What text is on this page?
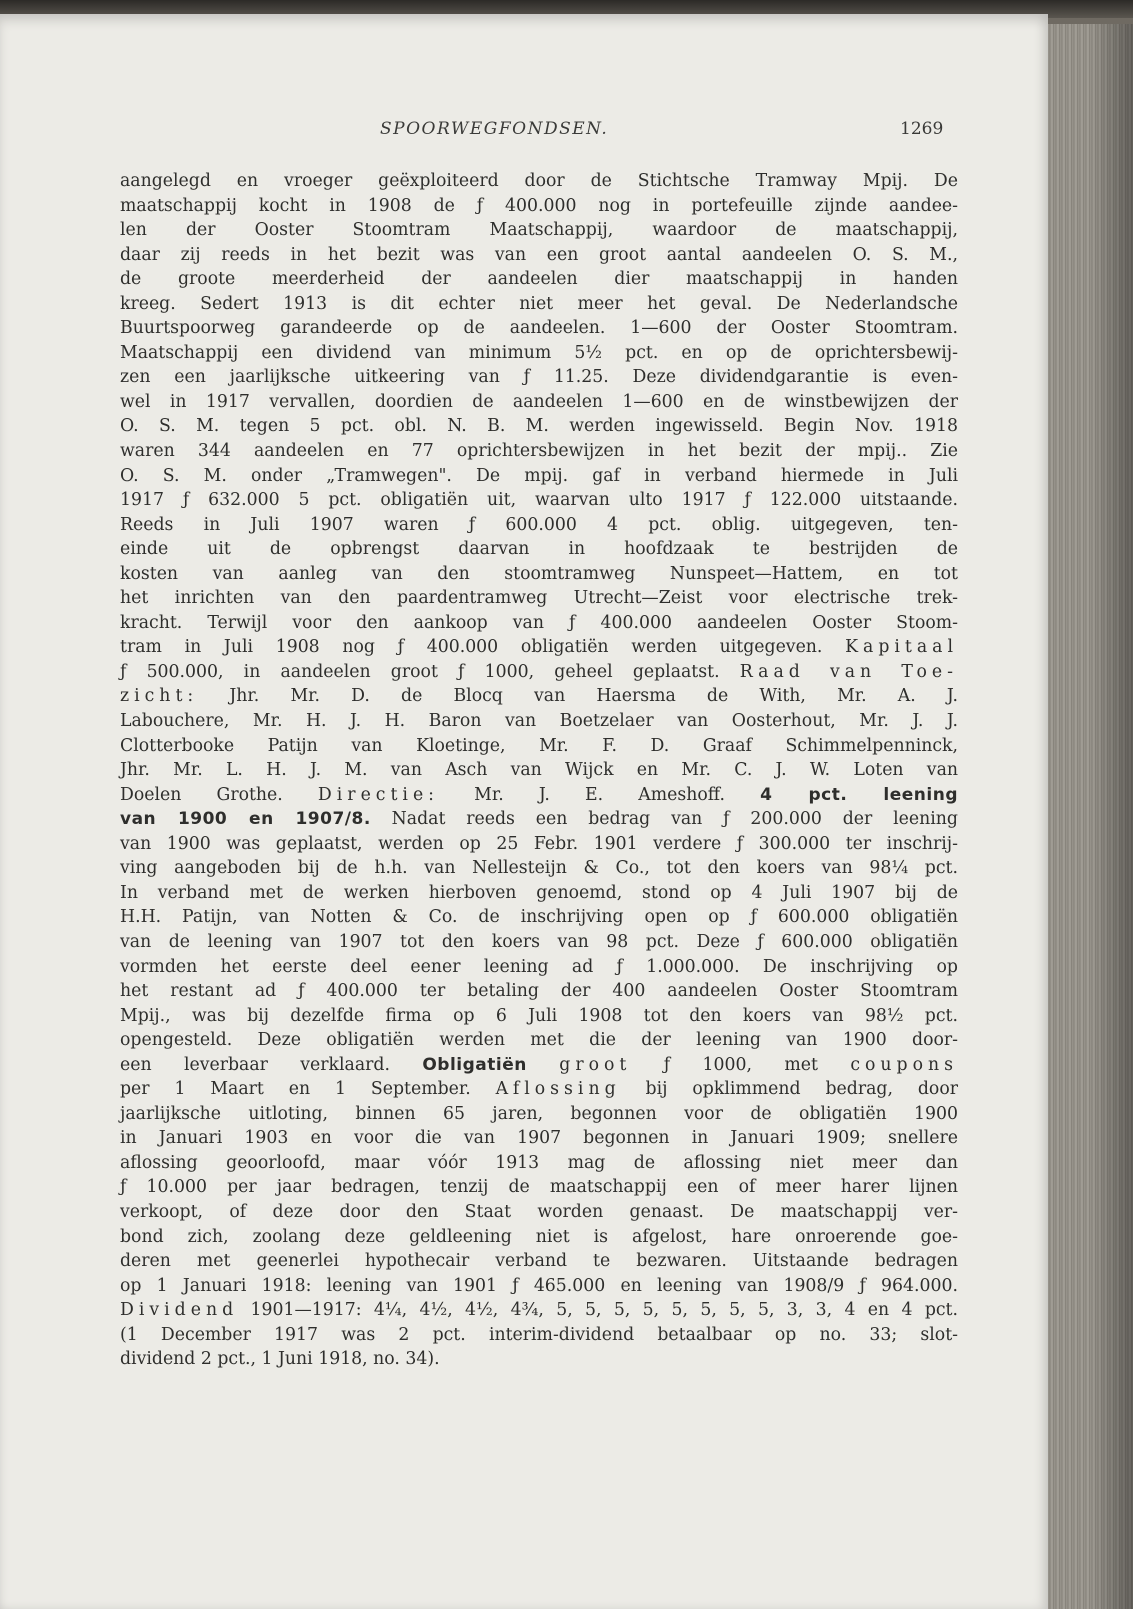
SPOORWEGFONDSEN.	1269
aangelegd en vroeger geëxploiteerd door de Stichtsche Tramway Mpij. De
maatschappij kocht in 1908 de ƒ 400.000 nog in portefeuille zijnde aandee-
len der Ooster Stoomtram Maatschappij, waardoor de maatschappij,
daar zij reeds in het bezit was van een groot aantal aandeelen O. S. M.,
de groote meerderheid der aandeelen dier maatschappij in handen
kreeg. Sedert 1913 is dit echter niet meer het geval. De Nederlandsche
Buurtspoorweg garandeerde op de aandeelen. 1—600 der Ooster Stoomtram.
Maatschappij een dividend van minimum 5½ pct. en op de oprichtersbewij-
zen een jaarlijksche uitkeering van ƒ 11.25. Deze dividendgarantie is even-
wel in 1917 vervallen, doordien de aandeelen 1—600 en de winstbewijzen der
O. S. M. tegen 5 pct. obl. N. B. M. werden ingewisseld. Begin Nov. 1918
waren 344 aandeelen en 77 oprichtersbewijzen in het bezit der mpij.. Zie
O. S. M. onder „Tramwegen". De mpij. gaf in verband hiermede in Juli
1917 ƒ 632.000 5 pct. obligatiën uit, waarvan ulto 1917 ƒ 122.000 uitstaande.
Reeds in Juli 1907 waren ƒ 600.000 4 pct. oblig. uitgegeven, ten-
einde uit de opbrengst daarvan in hoofdzaak te bestrijden de
kosten van aanleg van den stoomtramweg Nunspeet—Hattem, en tot
het inrichten van den paardentramweg Utrecht—Zeist voor electrische trek-
kracht. Terwijl voor den aankoop van ƒ 400.000 aandeelen Ooster Stoom-
tram in Juli 1908 nog ƒ 400.000 obligatiën werden uitgegeven. Kapitaal
ƒ 500.000, in aandeelen groot ƒ 1000, geheel geplaatst. Raad van Toe-
zicht: Jhr. Mr. D. de Blocq van Haersma de With, Mr. A. J.
Labouchere, Mr. H. J. H. Baron van Boetzelaer van Oosterhout, Mr. J. J.
Clotterbooke Patijn van Kloetinge, Mr. F. D. Graaf Schimmelpenninck,
Jhr. Mr. L. H. J. M. van Asch van Wijck en Mr. C. J. W. Loten van
Doelen Grothe. Directie: Mr. J. E. Ameshoff. 4 pct. leening
van 1900 en 1907/8. Nadat reeds een bedrag van ƒ 200.000 der leening
van 1900 was geplaatst, werden op 25 Febr. 1901 verdere ƒ 300.000 ter inschrij-
ving aangeboden bij de h.h. van Nellesteijn & Co., tot den koers van 98¼ pct.
In verband met de werken hierboven genoemd, stond op 4 Juli 1907 bij de
H.H. Patijn, van Notten & Co. de inschrijving open op ƒ 600.000 obligatiën
van de leening van 1907 tot den koers van 98 pct. Deze ƒ 600.000 obligatiën
vormden het eerste deel eener leening ad ƒ 1.000.000. De inschrijving op
het restant ad ƒ 400.000 ter betaling der 400 aandeelen Ooster Stoomtram
Mpij., was bij dezelfde firma op 6 Juli 1908 tot den koers van 98½ pct.
opengesteld. Deze obligatiën werden met die der leening van 1900 door-
een leverbaar verklaard. Obligatiën groot ƒ 1000, met coupons
per 1 Maart en 1 September. Aflossing bij opklimmend bedrag, door
jaarlijksche uitloting, binnen 65 jaren, begonnen voor de obligatiën 1900
in Januari 1903 en voor die van 1907 begonnen in Januari 1909; snellere
aflossing geoorloofd, maar vóór 1913 mag de aflossing niet meer dan
ƒ 10.000 per jaar bedragen, tenzij de maatschappij een of meer harer lijnen
verkoopt, of deze door den Staat worden genaast. De maatschappij ver-
bond zich, zoolang deze geldleening niet is afgelost, hare onroerende goe-
deren met geenerlei hypothecair verband te bezwaren. Uitstaande bedragen
op 1 Januari 1918: leening van 1901 ƒ 465.000 en leening van 1908/9 ƒ 964.000.
Dividend 1901—1917: 4¼, 4½, 4½, 4¾, 5, 5, 5, 5, 5, 5, 5, 5, 3, 3, 4 en 4 pct.
(1 December 1917 was 2 pct. interim-dividend betaalbaar op no. 33; slot-
dividend 2 pct., 1 Juni 1918, no. 34).
